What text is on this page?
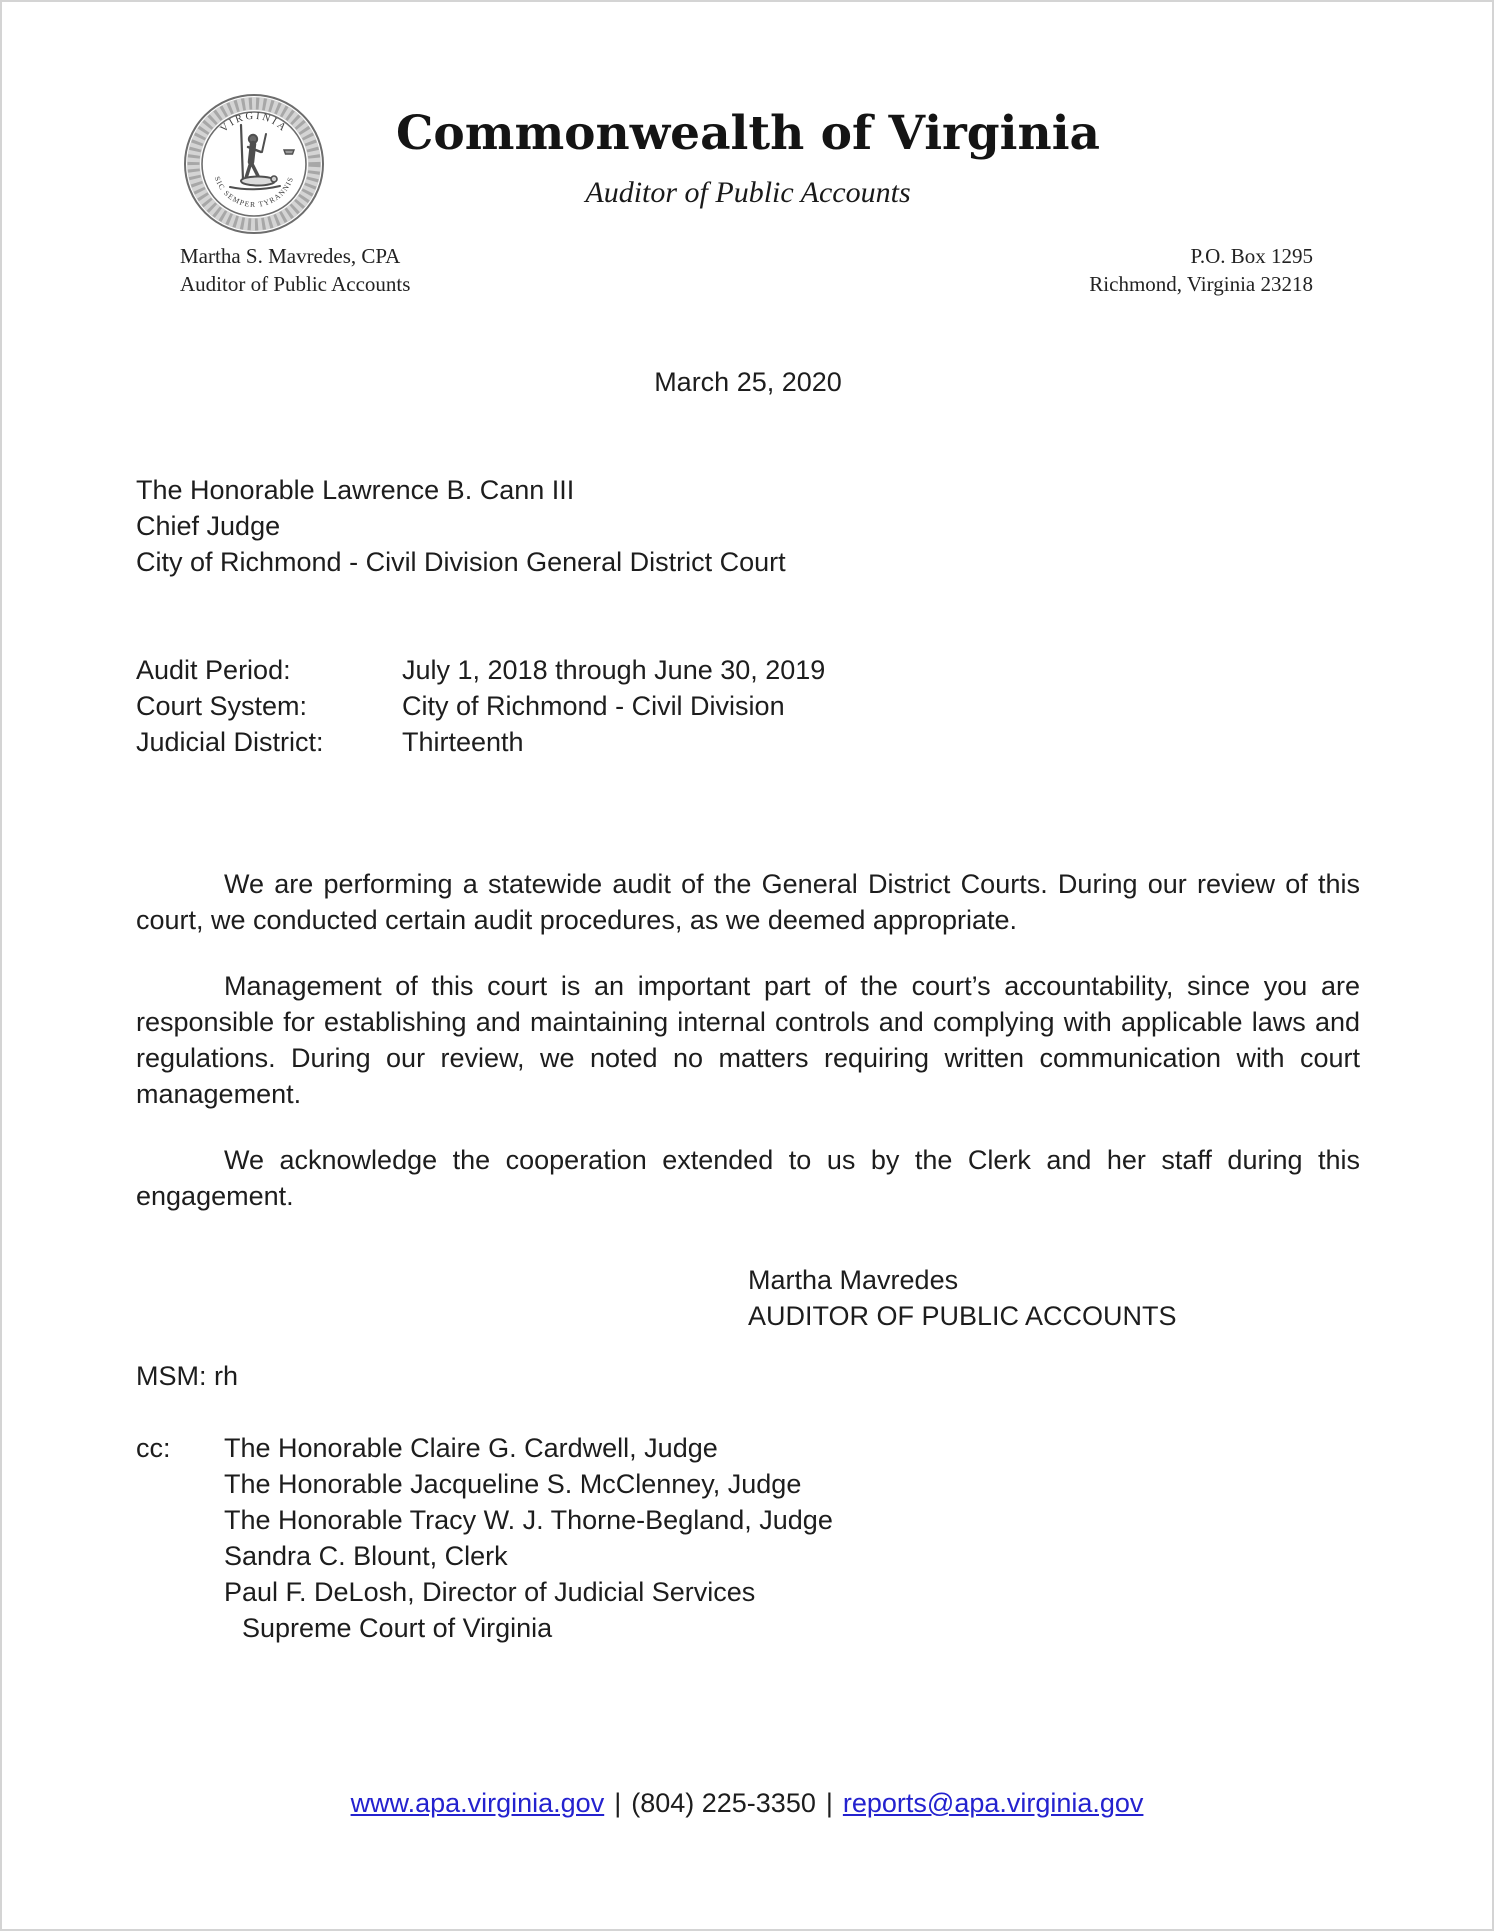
VIRGINIA
SIC SEMPER TYRANNIS
Commonwealth of Virginia
Auditor of Public Accounts
Martha S. Mavredes, CPA
Auditor of Public Accounts
P.O. Box 1295
Richmond, Virginia 23218
March 25, 2020
The Honorable Lawrence B. Cann III
Chief Judge
City of Richmond - Civil Division General District Court
Audit Period:	July 1, 2018 through June 30, 2019
Court System:	City of Richmond - Civil Division
Judicial District:	Thirteenth

We are performing a statewide audit of the General District Courts. During our review of this court, we conducted certain audit procedures, as we deemed appropriate.

Management of this court is an important part of the court’s accountability, since you are responsible for establishing and maintaining internal controls and complying with applicable laws and regulations. During our review, we noted no matters requiring written communication with court management.

We acknowledge the cooperation extended to us by the Clerk and her staff during this engagement.

Martha Mavredes
AUDITOR OF PUBLIC ACCOUNTS
MSM: rh
cc:	The Honorable Claire G. Cardwell, Judge
The Honorable Jacqueline S. McClenney, Judge
The Honorable Tracy W. J. Thorne-Begland, Judge
Sandra C. Blount, Clerk
Paul F. DeLosh, Director of Judicial Services
Supreme Court of Virginia
www.apa.virginia.gov | (804) 225-3350 | reports@apa.virginia.gov
